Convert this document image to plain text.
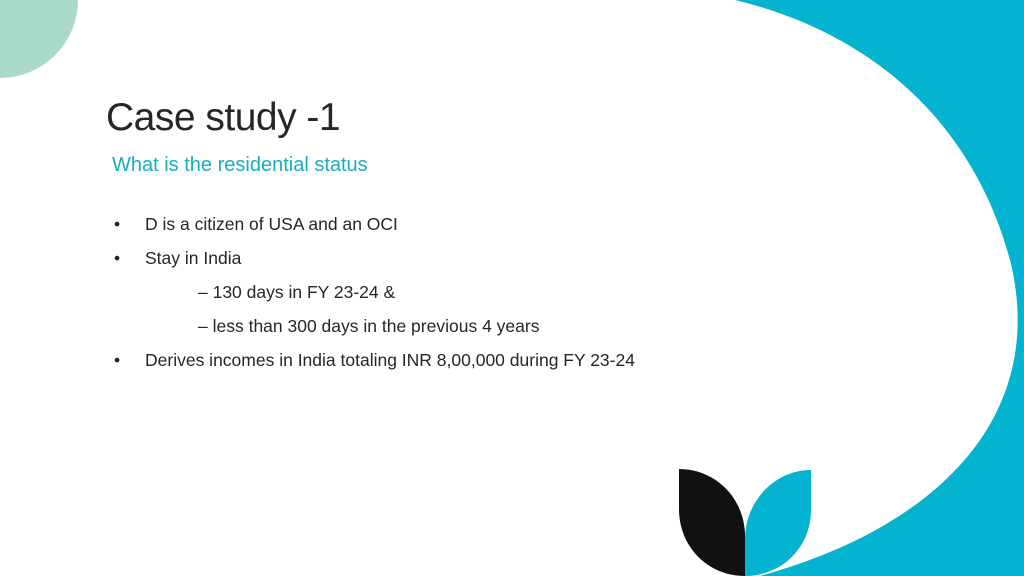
Case study -1

What is the residential status

• D is a citizen of USA and an OCI
• Stay in India
– 130 days in FY 23-24 &
– less than 300 days in the previous 4 years
• Derives incomes in India totaling INR 8,00,000 during FY 23-24
